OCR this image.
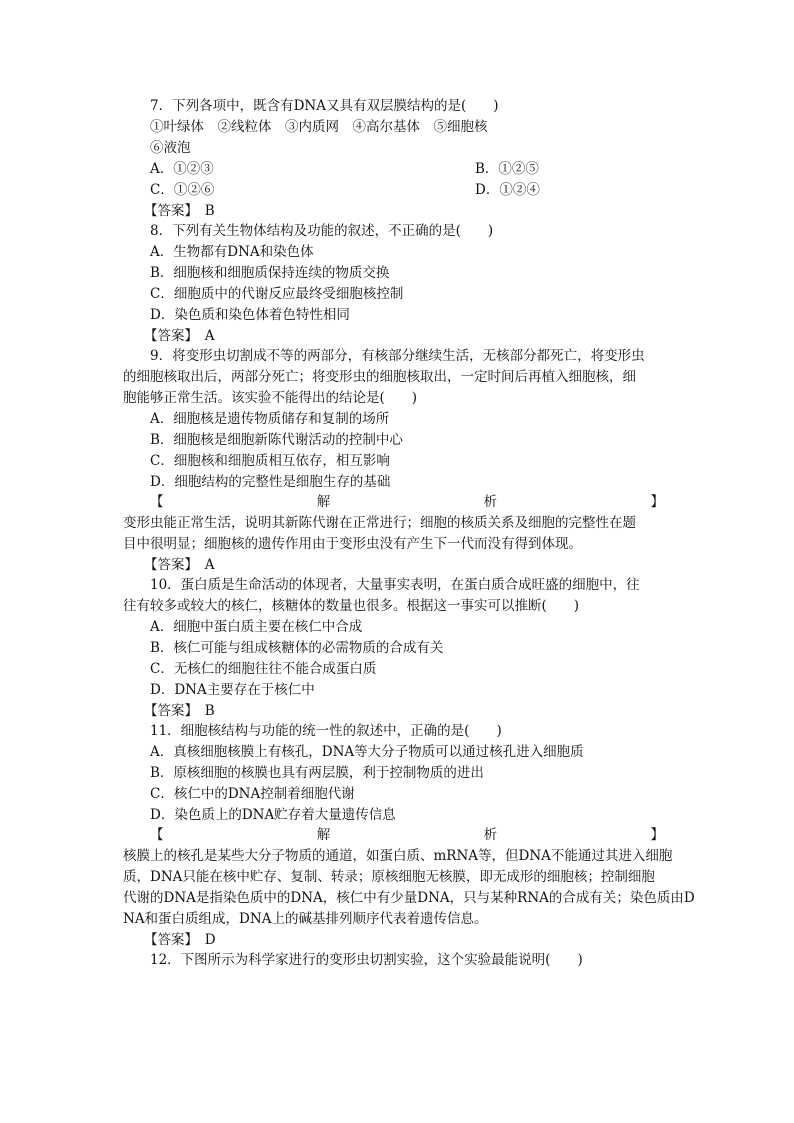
7．下列各项中，既含有DNA又具有双层膜结构的是(　　)
①叶绿体　②线粒体　③内质网　④高尔基体　⑤细胞核
⑥液泡
A．①②③	B．①②⑤
C．①②⑥	D．①②④
【答案】　B
8．下列有关生物体结构及功能的叙述，不正确的是(　　)
A．生物都有DNA和染色体
B．细胞核和细胞质保持连续的物质交换
C．细胞质中的代谢反应最终受细胞核控制
D．染色质和染色体着色特性相同
【答案】　A
9．将变形虫切割成不等的两部分，有核部分继续生活，无核部分都死亡，将变形虫
的细胞核取出后，两部分死亡；将变形虫的细胞核取出，一定时间后再植入细胞核，细
胞能够正常生活。该实验不能得出的结论是(　　)
A．细胞核是遗传物质储存和复制的场所
B．细胞核是细胞新陈代谢活动的控制中心
C．细胞核和细胞质相互依存，相互影响
D．细胞结构的完整性是细胞生存的基础
【	解	析	】
变形虫能正常生活，说明其新陈代谢在正常进行；细胞的核质关系及细胞的完整性在题
目中很明显；细胞核的遗传作用由于变形虫没有产生下一代而没有得到体现。
【答案】　A
10．蛋白质是生命活动的体现者，大量事实表明，在蛋白质合成旺盛的细胞中，往
往有较多或较大的核仁，核糖体的数量也很多。根据这一事实可以推断(　　)
A．细胞中蛋白质主要在核仁中合成
B．核仁可能与组成核糖体的必需物质的合成有关
C．无核仁的细胞往往不能合成蛋白质
D．DNA主要存在于核仁中
【答案】　B
11．细胞核结构与功能的统一性的叙述中，正确的是(　　)
A．真核细胞核膜上有核孔，DNA等大分子物质可以通过核孔进入细胞质
B．原核细胞的核膜也具有两层膜，利于控制物质的进出
C．核仁中的DNA控制着细胞代谢
D．染色质上的DNA贮存着大量遗传信息
【	解	析	】
核膜上的核孔是某些大分子物质的通道，如蛋白质、mRNA等，但DNA不能通过其进入细胞
质，DNA只能在核中贮存、复制、转录；原核细胞无核膜，即无成形的细胞核；控制细胞
代谢的DNA是指染色质中的DNA，核仁中有少量DNA，只与某种RNA的合成有关；染色质由D
NA和蛋白质组成，DNA上的碱基排列顺序代表着遗传信息。
【答案】　D
12．下图所示为科学家进行的变形虫切割实验，这个实验最能说明(　　)
